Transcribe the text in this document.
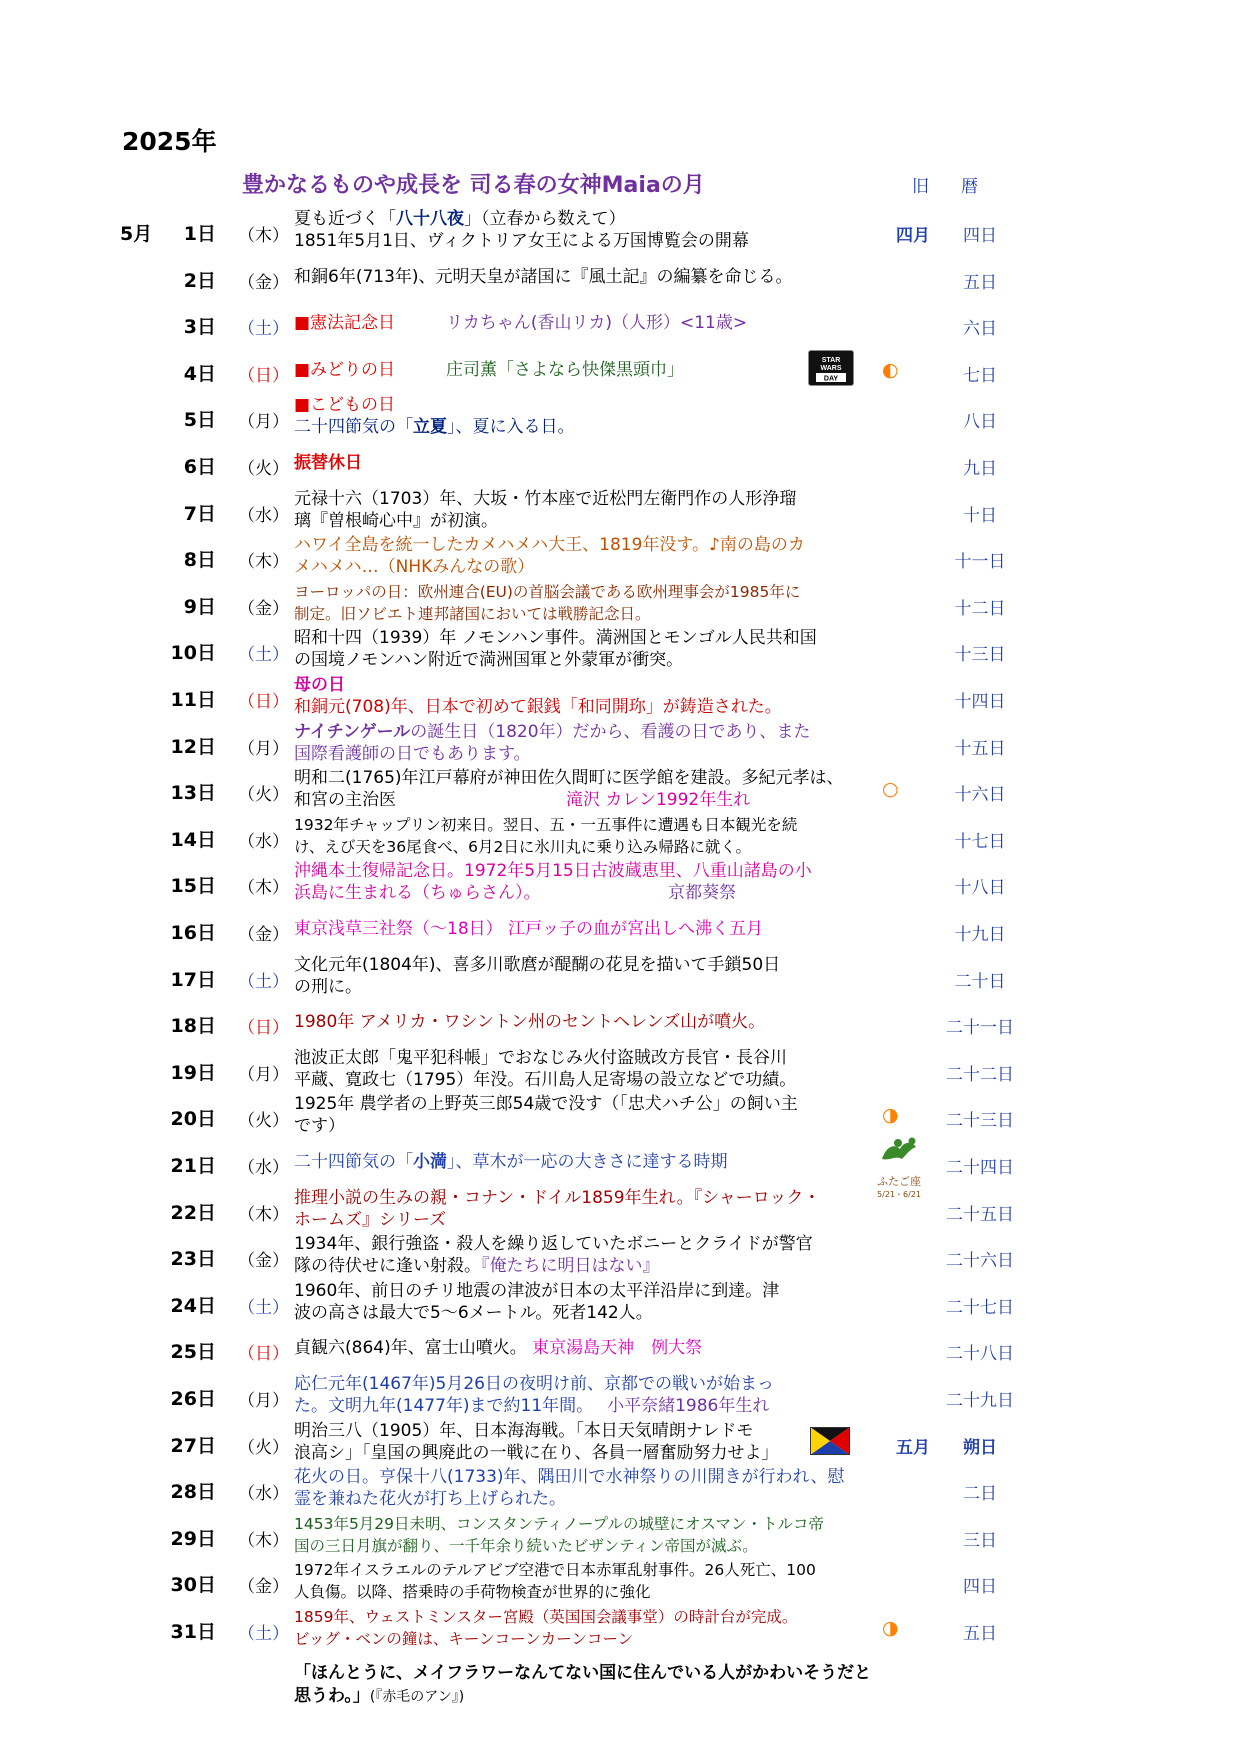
2025年
豊かなるものや成長を 司る春の女神Maiaの月	旧 暦
5月	1日 （木）
夏も近づく「八十八夜」（立春から数えて）
1851年5月1日、ヴィクトリア女王による万国博覧会の開幕	四月	四日
2日 （金） 和銅6年(713年)、元明天皇が諸国に『風土記』の編纂を命じる。	五日
3日 （土） ■憲法記念日　　　リカちゃん(香山リカ)（人形）<11歳>	六日
4日 （日） ■みどりの日　　　庄司薫「さよなら快傑黒頭巾」	◐	七日
STAR
WARS
DAY
5日 （月）
■こどもの日
二十四節気の「立夏」、夏に入る日。	八日
6日 （火） 振替休日	九日
7日 （水）
元禄十六（1703）年、大坂・竹本座で近松門左衛門作の人形浄瑠
璃『曽根崎心中』が初演。	十日
8日 （木）
ハワイ全島を統一したカメハメハ大王、1819年没す。♪南の島のカ
メハメハ…（NHKみんなの歌）	十一日
9日 （金）
ヨーロッパの日：欧州連合(EU)の首脳会議である欧州理事会が1985年に
制定。旧ソビエト連邦諸国においては戦勝記念日。	十二日
10日 （土）
昭和十四（1939）年 ノモンハン事件。満洲国とモンゴル人民共和国
の国境ノモンハン附近で満洲国軍と外蒙軍が衝突。	十三日
11日 （日）
母の日
和銅元(708)年、日本で初めて銀銭「和同開珎」が鋳造された。	十四日
12日 （月）
ナイチンゲールの誕生日（1820年）だから、看護の日であり、また
国際看護師の日でもあります。	十五日
13日 （火）
明和二(1765)年江戸幕府が神田佐久間町に医学館を建設。多紀元孝は、
和宮の主治医　　　　　　　　　　滝沢 カレン1992年生れ	○	十六日
14日 （水）
1932年チャップリン初来日。翌日、五・一五事件に遭遇も日本観光を続
け、えび天を36尾食べ、6月2日に氷川丸に乗り込み帰路に就く。	十七日
15日 （木）
沖縄本土復帰記念日。1972年5月15日古波蔵恵里、八重山諸島の小
浜島に生まれる（ちゅらさん）。　　　　　　　　京都葵祭	十八日
16日 （金） 東京浅草三社祭（～18日） 江戸ッ子の血が宮出しへ沸く五月	十九日
17日 （土）
文化元年(1804年)、喜多川歌麿が醍醐の花見を描いて手鎖50日
の刑に。	二十日
18日 （日） 1980年 アメリカ・ワシントン州のセントヘレンズ山が噴火。	二十一日
19日 （月）
池波正太郎「鬼平犯科帳」でおなじみ火付盗賊改方長官・長谷川
平蔵、寛政七（1795）年没。石川島人足寄場の設立などで功績。	二十二日
20日 （火）
1925年 農学者の上野英三郎54歳で没す（「忠犬ハチ公」の飼い主
です）	◑	二十三日
21日 （水） 二十四節気の「小満」、草木が一応の大きさに達する時期	二十四日
ふたご座
5/21・6/21
22日 （木）
推理小説の生みの親・コナン・ドイル1859年生れ。『シャーロック・
ホームズ』シリーズ	二十五日
23日 （金）
1934年、銀行強盗・殺人を繰り返していたボニーとクライドが警官
隊の待伏せに逢い射殺。『俺たちに明日はない』	二十六日
24日 （土）
1960年、前日のチリ地震の津波が日本の太平洋沿岸に到達。津
波の高さは最大で5～6メートル。死者142人。	二十七日
25日 （日） 貞観六(864)年、富士山噴火。 東京湯島天神　例大祭	二十八日
26日 （月）
応仁元年(1467年)5月26日の夜明け前、京都での戦いが始まっ
た。文明九年(1477年)まで約11年間。　 小平奈緒1986年生れ	二十九日
27日 （火）
明治三八（1905）年、日本海海戦。「本日天気晴朗ナレドモ
浪高シ」「皇国の興廃此の一戦に在り、各員一層奮励努力せよ」	五月	朔日
28日 （水）
花火の日。亨保十八(1733)年、隅田川で水神祭りの川開きが行われ、慰
霊を兼ねた花火が打ち上げられた。	二日
29日 （木）
1453年5月29日未明、コンスタンティノープルの城壁にオスマン・トルコ帝
国の三日月旗が翻り、一千年余り続いたビザンティン帝国が滅ぶ。	三日
30日 （金）
1972年イスラエルのテルアビブ空港で日本赤軍乱射事件。26人死亡、100
人負傷。以降、搭乗時の手荷物検査が世界的に強化	四日
31日 （土）
1859年、ウェストミンスター宮殿（英国国会議事堂）の時計台が完成。
ビッグ・ベンの鐘は、キーンコーンカーンコーン	◑	五日
「ほんとうに、メイフラワーなんてない国に住んでいる人がかわいそうだと
思うわ。」(『赤毛のアン』)
